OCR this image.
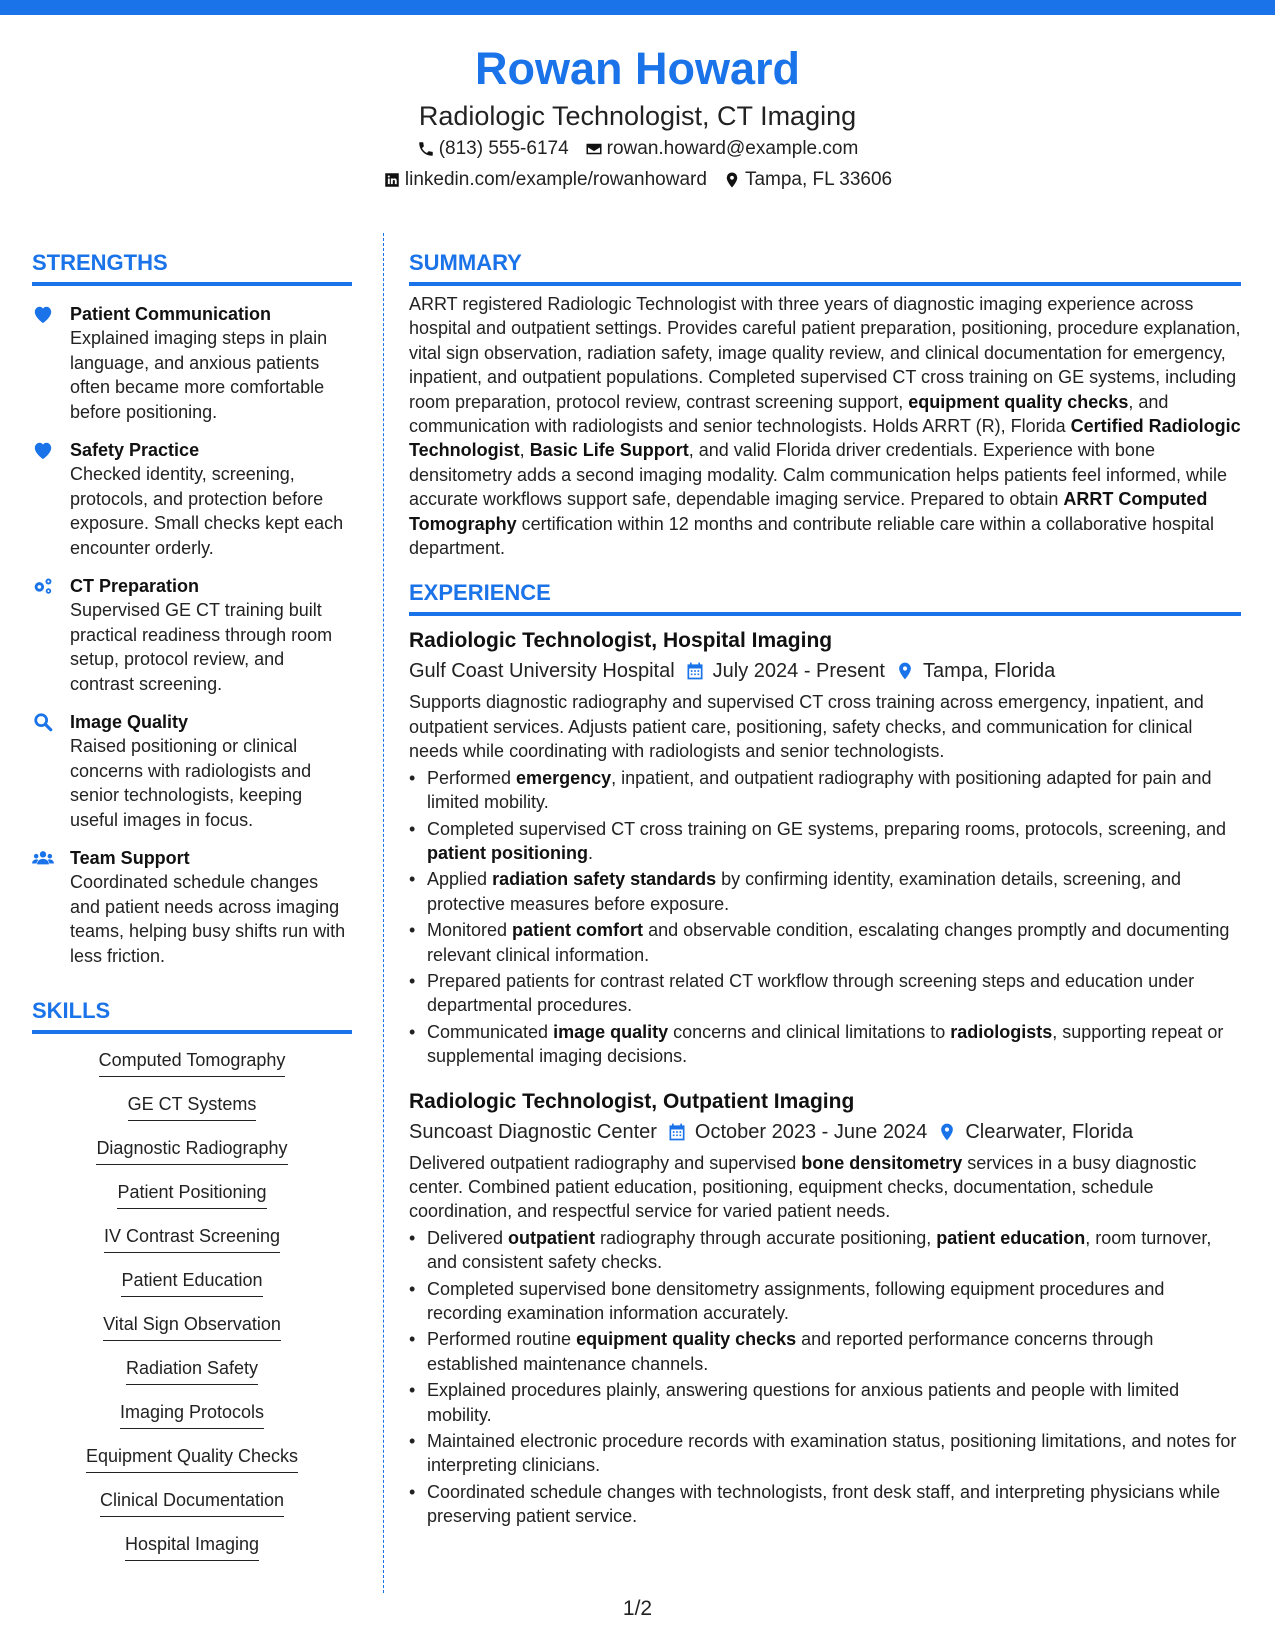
Rowan Howard
Radiologic Technologist, CT Imaging
(813) 555-6174 rowan.howard@example.com
linkedin.com/example/rowanhoward Tampa, FL 33606
STRENGTHS
Patient Communication
Explained imaging steps in plain language, and anxious patients often became more comfortable before positioning.
Safety Practice
Checked identity, screening, protocols, and protection before exposure. Small checks kept each encounter orderly.
CT Preparation
Supervised GE CT training built practical readiness through room setup, protocol review, and contrast screening.
Image Quality
Raised positioning or clinical concerns with radiologists and senior technologists, keeping useful images in focus.
Team Support
Coordinated schedule changes and patient needs across imaging teams, helping busy shifts run with less friction.
SKILLS
Computed Tomography
GE CT Systems
Diagnostic Radiography
Patient Positioning
IV Contrast Screening
Patient Education
Vital Sign Observation
Radiation Safety
Imaging Protocols
Equipment Quality Checks
Clinical Documentation
Hospital Imaging
SUMMARY
ARRT registered Radiologic Technologist with three years of diagnostic imaging experience across hospital and outpatient settings. Provides careful patient preparation, positioning, procedure explanation, vital sign observation, radiation safety, image quality review, and clinical documentation for emergency, inpatient, and outpatient populations. Completed supervised CT cross training on GE systems, including room preparation, protocol review, contrast screening support, equipment quality checks, and communication with radiologists and senior technologists. Holds ARRT (R), Florida Certified Radiologic Technologist, Basic Life Support, and valid Florida driver credentials. Experience with bone densitometry adds a second imaging modality. Calm communication helps patients feel informed, while accurate workflows support safe, dependable imaging service. Prepared to obtain ARRT Computed Tomography certification within 12 months and contribute reliable care within a collaborative hospital department.
EXPERIENCE
Radiologic Technologist, Hospital Imaging
Gulf Coast University Hospital July 2024 - Present Tampa, Florida
Supports diagnostic radiography and supervised CT cross training across emergency, inpatient, and outpatient services. Adjusts patient care, positioning, safety checks, and communication for clinical needs while coordinating with radiologists and senior technologists.
• Performed emergency, inpatient, and outpatient radiography with positioning adapted for pain and limited mobility.
• Completed supervised CT cross training on GE systems, preparing rooms, protocols, screening, and patient positioning.
• Applied radiation safety standards by confirming identity, examination details, screening, and protective measures before exposure.
• Monitored patient comfort and observable condition, escalating changes promptly and documenting relevant clinical information.
• Prepared patients for contrast related CT workflow through screening steps and education under departmental procedures.
• Communicated image quality concerns and clinical limitations to radiologists, supporting repeat or supplemental imaging decisions.
Radiologic Technologist, Outpatient Imaging
Suncoast Diagnostic Center October 2023 - June 2024 Clearwater, Florida
Delivered outpatient radiography and supervised bone densitometry services in a busy diagnostic center. Combined patient education, positioning, equipment checks, documentation, schedule coordination, and respectful service for varied patient needs.
• Delivered outpatient radiography through accurate positioning, patient education, room turnover, and consistent safety checks.
• Completed supervised bone densitometry assignments, following equipment procedures and recording examination information accurately.
• Performed routine equipment quality checks and reported performance concerns through established maintenance channels.
• Explained procedures plainly, answering questions for anxious patients and people with limited mobility.
• Maintained electronic procedure records with examination status, positioning limitations, and notes for interpreting clinicians.
• Coordinated schedule changes with technologists, front desk staff, and interpreting physicians while preserving patient service.
1/2
